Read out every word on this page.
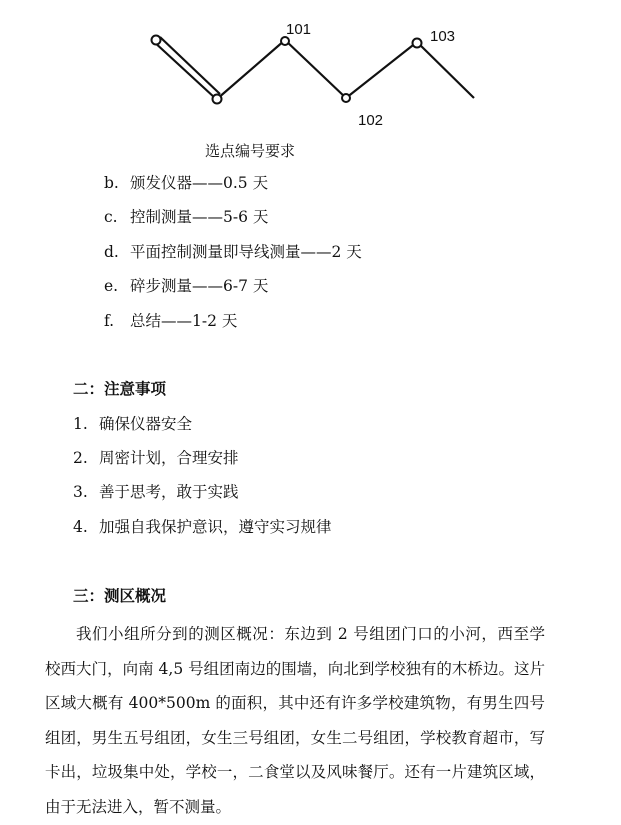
101
102
103
选点编号要求
b. 颁发仪器——0.5 天
c. 控制测量——5-6 天
d. 平面控制测量即导线测量——2 天
e. 碎步测量——6-7 天
f. 总结——1-2 天
二：注意事项
1. 确保仪器安全
2. 周密计划，合理安排
3. 善于思考，敢于实践
4. 加强自我保护意识，遵守实习规律
三：测区概况

我们小组所分到的测区概况：东边到 2 号组团门口的小河，西至学校西大门，向南 4,5 号组团南边的围墙，向北到学校独有的木桥边。这片区域大概有 400*500m 的面积，其中还有许多学校建筑物，有男生四号组团，男生五号组团，女生三号组团，女生二号组团，学校教育超市，写卡出，垃圾集中处，学校一，二食堂以及风味餐厅。还有一片建筑区域，由于无法进入，暂不测量。
